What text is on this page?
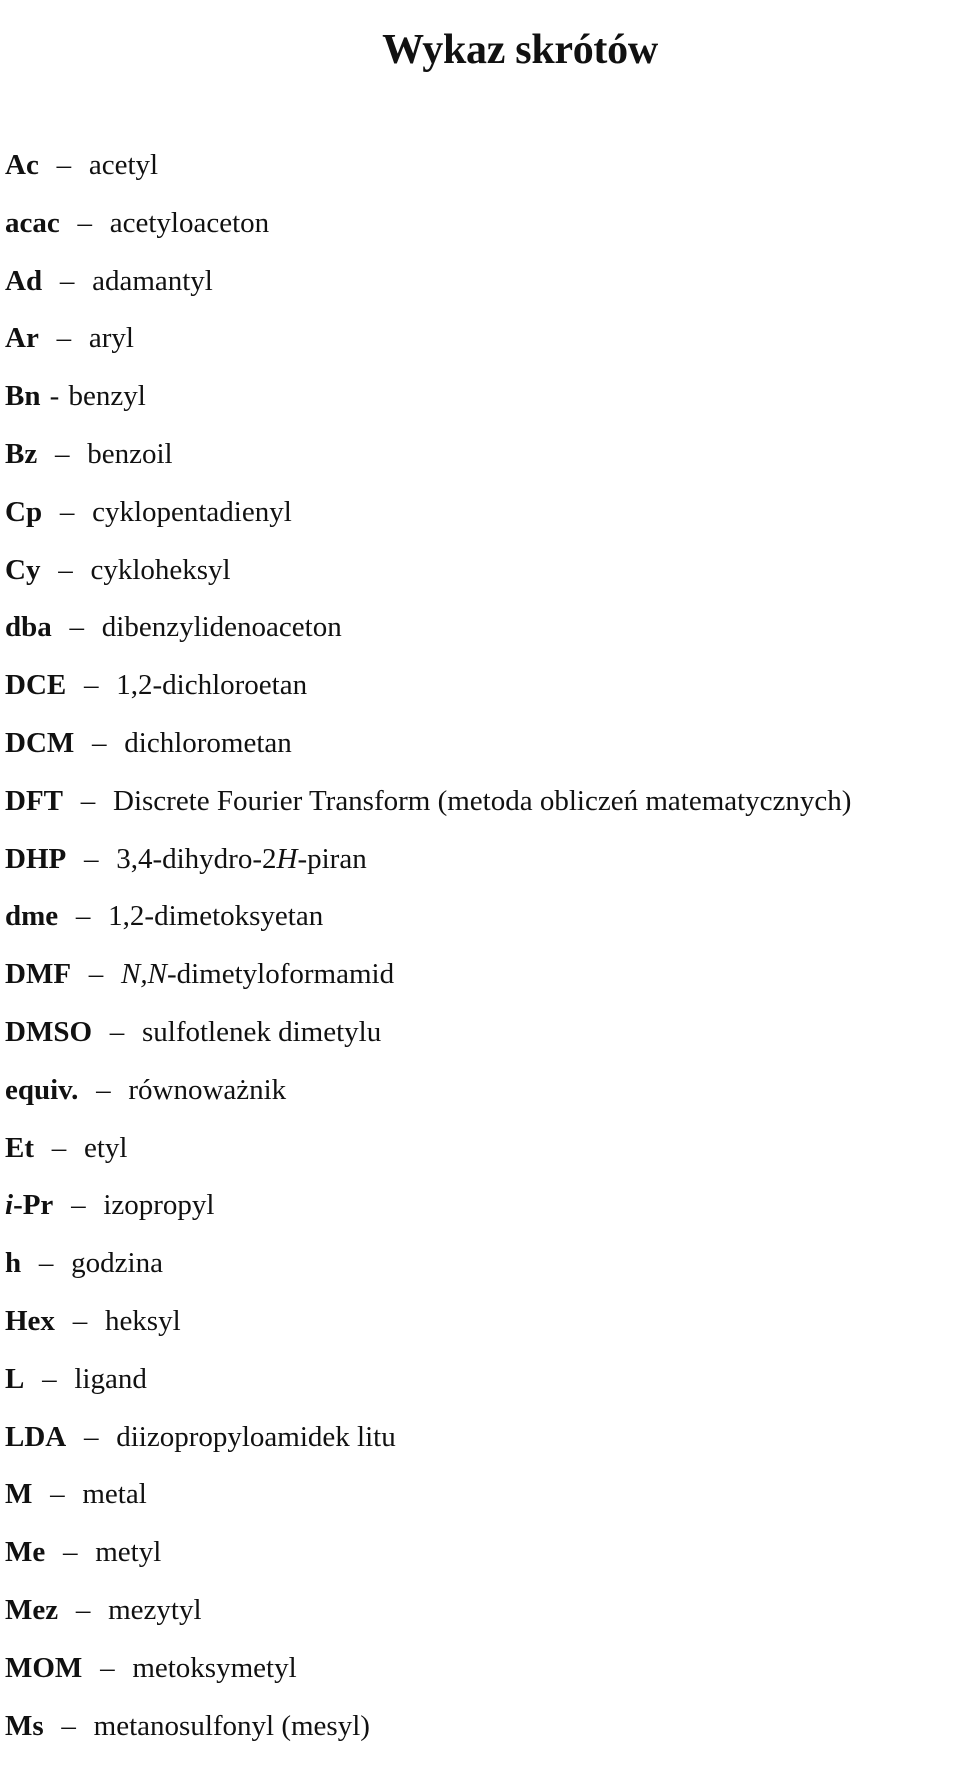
Wykaz skrótów
Ac – acetyl
acac – acetyloaceton
Ad – adamantyl
Ar – aryl
Bn - benzyl
Bz – benzoil
Cp – cyklopentadienyl
Cy – cykloheksyl
dba – dibenzylidenoaceton
DCE – 1,2-dichloroetan
DCM – dichlorometan
DFT – Discrete Fourier Transform (metoda obliczeń matematycznych)
DHP – 3,4-dihydro-2H-piran
dme – 1,2-dimetoksyetan
DMF – N,N-dimetyloformamid
DMSO – sulfotlenek dimetylu
equiv. – równoważnik
Et – etyl
i-Pr – izopropyl
h – godzina
Hex – heksyl
L – ligand
LDA – diizopropyloamidek litu
M – metal
Me – metyl
Mez – mezytyl
MOM – metoksymetyl
Ms – metanosulfonyl (mesyl)
